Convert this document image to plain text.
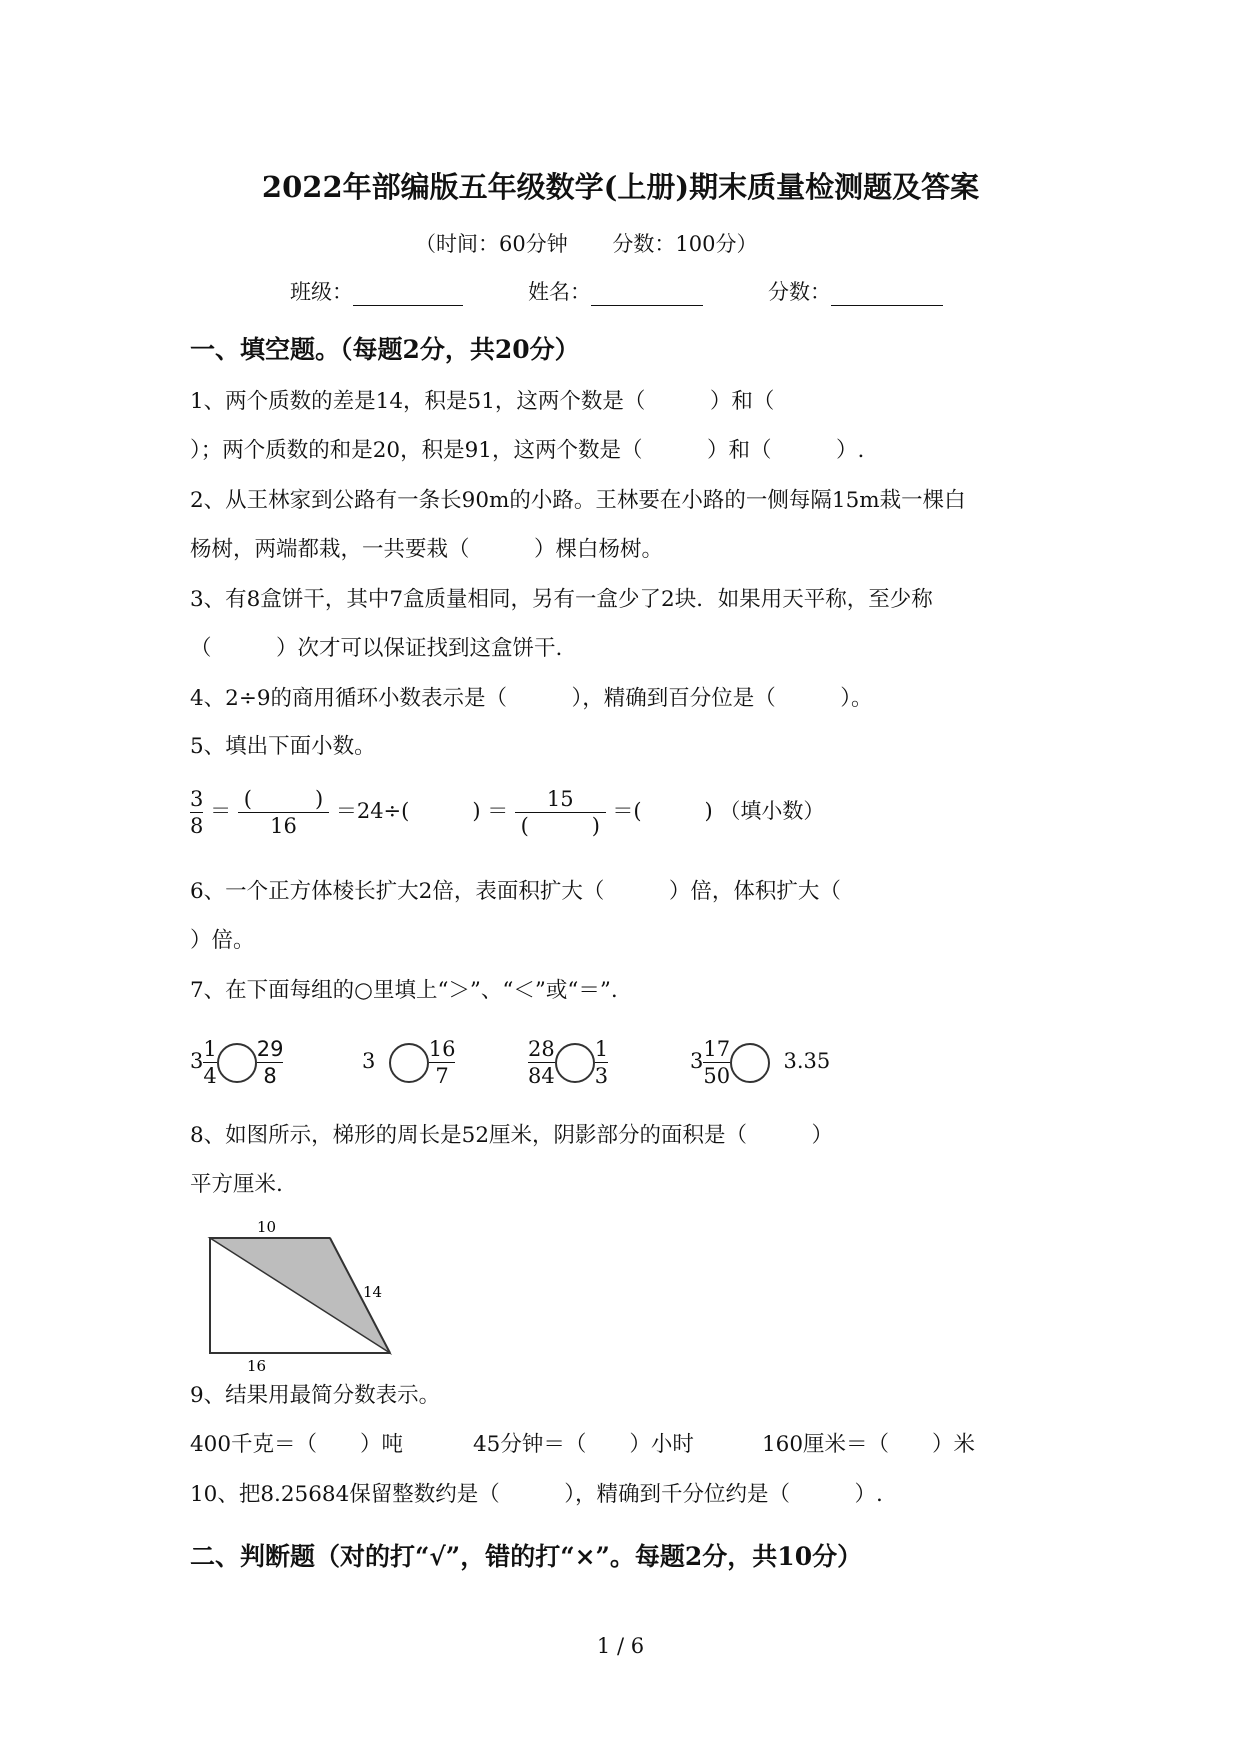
2022年部编版五年级数学(上册)期末质量检测题及答案
（时间：60分钟 分数：100分）
班级：	姓名：	分数：
一、填空题。（每题2分，共20分）
1、两个质数的差是14，积是51，这两个数是（　　　）和（
）；两个质数的和是20，积是91，这两个数是（　　　）和（　　　）.
2、从王林家到公路有一条长90m的小路。王林要在小路的一侧每隔15m栽一棵白
杨树，两端都栽，一共要栽（　　　）棵白杨树。
3、有8盒饼干，其中7盒质量相同，另有一盒少了2块．如果用天平称，至少称
（　　　）次才可以保证找到这盒饼干.
4、2÷9的商用循环小数表示是（　　　），精确到百分位是（　　　）。
5、填出下面小数。
$\frac{3}{8} = \frac{( )}{16} =24\div$(　　　) ＝ $\frac{15}{( )}$ ＝(　　　) （填小数）
6、一个正方体棱长扩大2倍，表面积扩大（　　　）倍，体积扩大（
）倍。
7、在下面每组的○里填上“＞”、“＜”或“＝”.
$3 \frac{1}{4} \frac{29}{8}$	3	$\frac{16}{7}$	$\frac{28}{84} \frac{1}{3}$	$3 \frac{17}{50}$	3.35
8、如图所示，梯形的周长是52厘米，阴影部分的面积是（　　　）
平方厘米.
10
14
16
9、结果用最简分数表示。
400千克＝（　　）吨	45分钟＝（　　）小时	160厘米＝（　　）米
10、把8.25684保留整数约是（　　　），精确到千分位约是（　　　）.
二、判断题（对的打“√”，错的打“×”。每题2分，共10分）
1 / 6
